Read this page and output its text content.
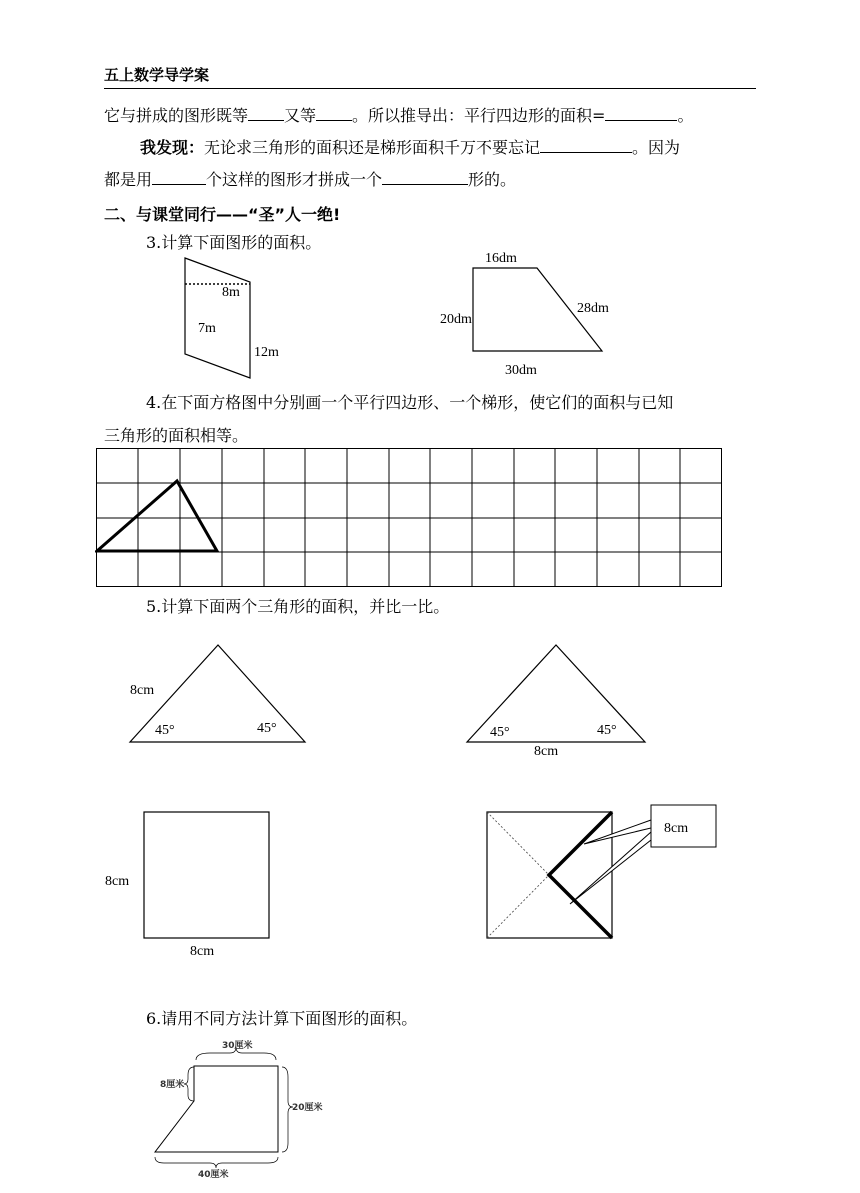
五上数学导学案
它与拼成的图形既等 又等 。所以推导出：平行四边形的面积=	。
我发现：无论求三角形的面积还是梯形面积千万不要忘记	。因为
都是用	个这样的图形才拼成一个	形的。
二、与课堂同行——“圣”人一绝!
3.计算下面图形的面积。
8m
7m
12m
16dm
20dm
28dm
30dm
4.在下面方格图中分别画一个平行四边形、一个梯形，使它们的面积与已知
三角形的面积相等。
5.计算下面两个三角形的面积，并比一比。
8cm
45°	45°	45°	45°
8cm
8cm
8cm
8cm
6.请用不同方法计算下面图形的面积。
30厘米
8厘米
20厘米
40厘米
